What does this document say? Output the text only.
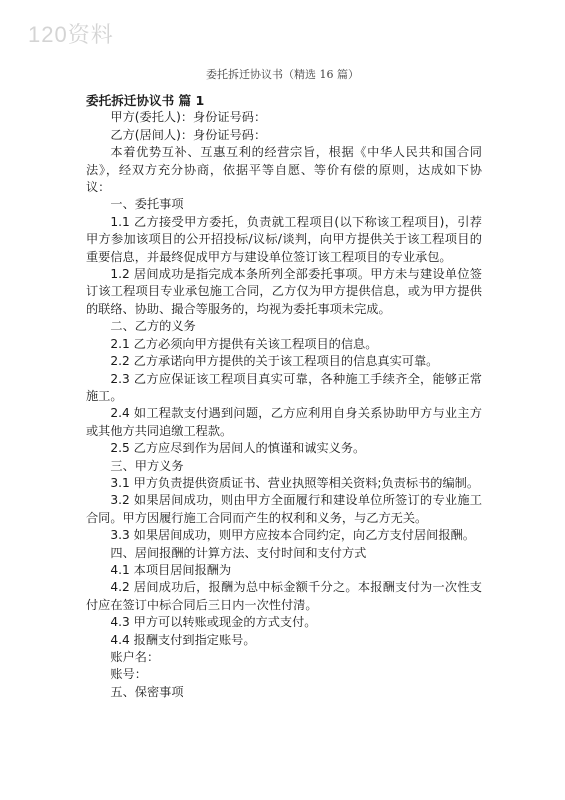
120资料
委托拆迁协议书（精选 16 篇）

委托拆迁协议书 篇 1

甲方(委托人)：身份证号码：

乙方(居间人)：身份证号码：

本着优势互补、互惠互利的经营宗旨，根据《中华人民共和国合同法》，经双方充分协商，依据平等自愿、等价有偿的原则，达成如下协议：

一、委托事项

1.1 乙方接受甲方委托，负责就工程项目(以下称该工程项目)，引荐甲方参加该项目的公开招投标/议标/谈判，向甲方提供关于该工程项目的重要信息，并最终促成甲方与建设单位签订该工程项目的专业承包。

1.2 居间成功是指完成本条所列全部委托事项。甲方未与建设单位签订该工程项目专业承包施工合同，乙方仅为甲方提供信息，或为甲方提供的联络、协助、撮合等服务的，均视为委托事项未完成。

二、乙方的义务

2.1 乙方必须向甲方提供有关该工程项目的信息。

2.2 乙方承诺向甲方提供的关于该工程项目的信息真实可靠。

2.3 乙方应保证该工程项目真实可靠，各种施工手续齐全，能够正常施工。

2.4 如工程款支付遇到问题，乙方应利用自身关系协助甲方与业主方或其他方共同追缴工程款。

2.5 乙方应尽到作为居间人的慎谨和诚实义务。

三、甲方义务

3.1 甲方负责提供资质证书、营业执照等相关资料;负责标书的编制。

3.2 如果居间成功，则由甲方全面履行和建设单位所签订的专业施工合同。甲方因履行施工合同而产生的权利和义务，与乙方无关。

3.3 如果居间成功，则甲方应按本合同约定，向乙方支付居间报酬。

四、居间报酬的计算方法、支付时间和支付方式

4.1 本项目居间报酬为

4.2 居间成功后，报酬为总中标金额千分之。本报酬支付为一次性支付应在签订中标合同后三日内一次性付清。

4.3 甲方可以转账或现金的方式支付。

4.4 报酬支付到指定账号。

账户名：

账号：

五、保密事项
